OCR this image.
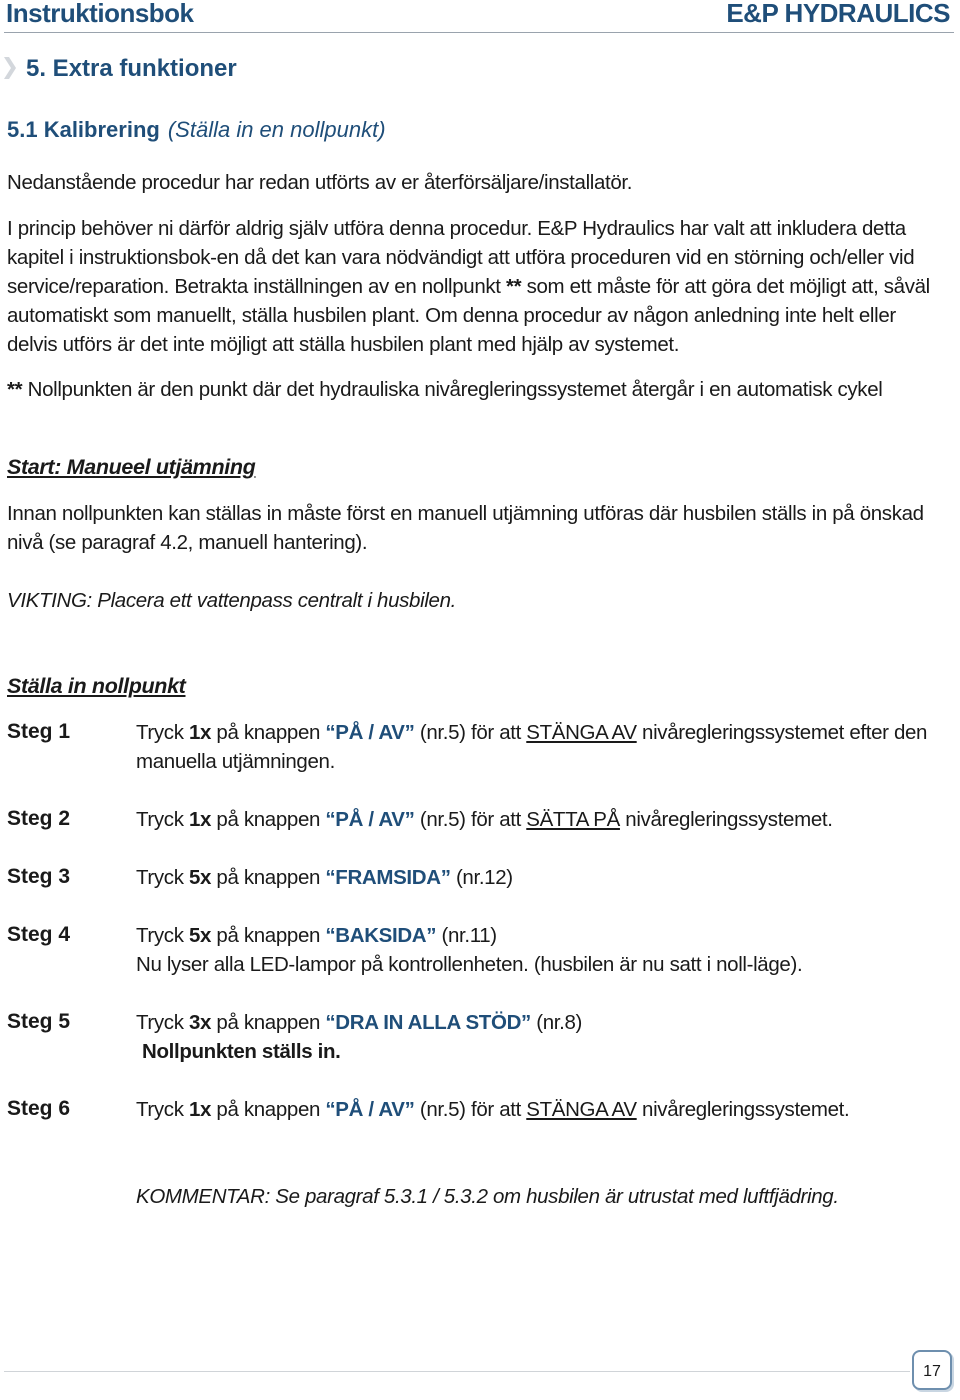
Instruktionsbok	E&P HYDRAULICS
5. Extra funktioner
5.1 Kalibrering (Ställa in en nollpunkt)
Nedanstående procedur har redan utförts av er återförsäljare/installatör.
I princip behöver ni därför aldrig själv utföra denna procedur. E&P Hydraulics har valt att inkludera detta kapitel i instruktionsbok-en då det kan vara nödvändigt att utföra proceduren vid en störning och/eller vid service/reparation. Betrakta inställningen av en nollpunkt ** som ett måste för att göra det möjligt att, såväl automatiskt som manuellt, ställa husbilen plant. Om denna procedur av någon anledning inte helt eller delvis utförs är det inte möjligt att ställa husbilen plant med hjälp av systemet.
** Nollpunkten är den punkt där det hydrauliska nivåregleringssystemet återgår i en automatisk cykel
Start: Manueel utjämning
Innan nollpunkten kan ställas in måste först en manuell utjämning utföras där husbilen ställs in på önskad nivå (se paragraf 4.2, manuell hantering).
VIKTING: Placera ett vattenpass centralt i husbilen.
Ställa in nollpunkt
Steg 1	Tryck 1x på knappen “PÅ / AV” (nr.5) för att STÄNGA AV nivåregleringssystemet efter den manuella utjämningen.
Steg 2	Tryck 1x på knappen “PÅ / AV” (nr.5) för att SÄTTA PÅ nivåregleringssystemet.
Steg 3	Tryck 5x på knappen “FRAMSIDA” (nr.12)
Steg 4	Tryck 5x på knappen “BAKSIDA” (nr.11)
Nu lyser alla LED-lampor på kontrollenheten. (husbilen är nu satt i noll-läge).
Steg 5	Tryck 3x på knappen “DRA IN ALLA STÖD” (nr.8)
Nollpunkten ställs in.
Steg 6	Tryck 1x på knappen “PÅ / AV” (nr.5) för att STÄNGA AV nivåregleringssystemet.
KOMMENTAR: Se paragraf 5.3.1 / 5.3.2 om husbilen är utrustat med luftfjädring.
17
